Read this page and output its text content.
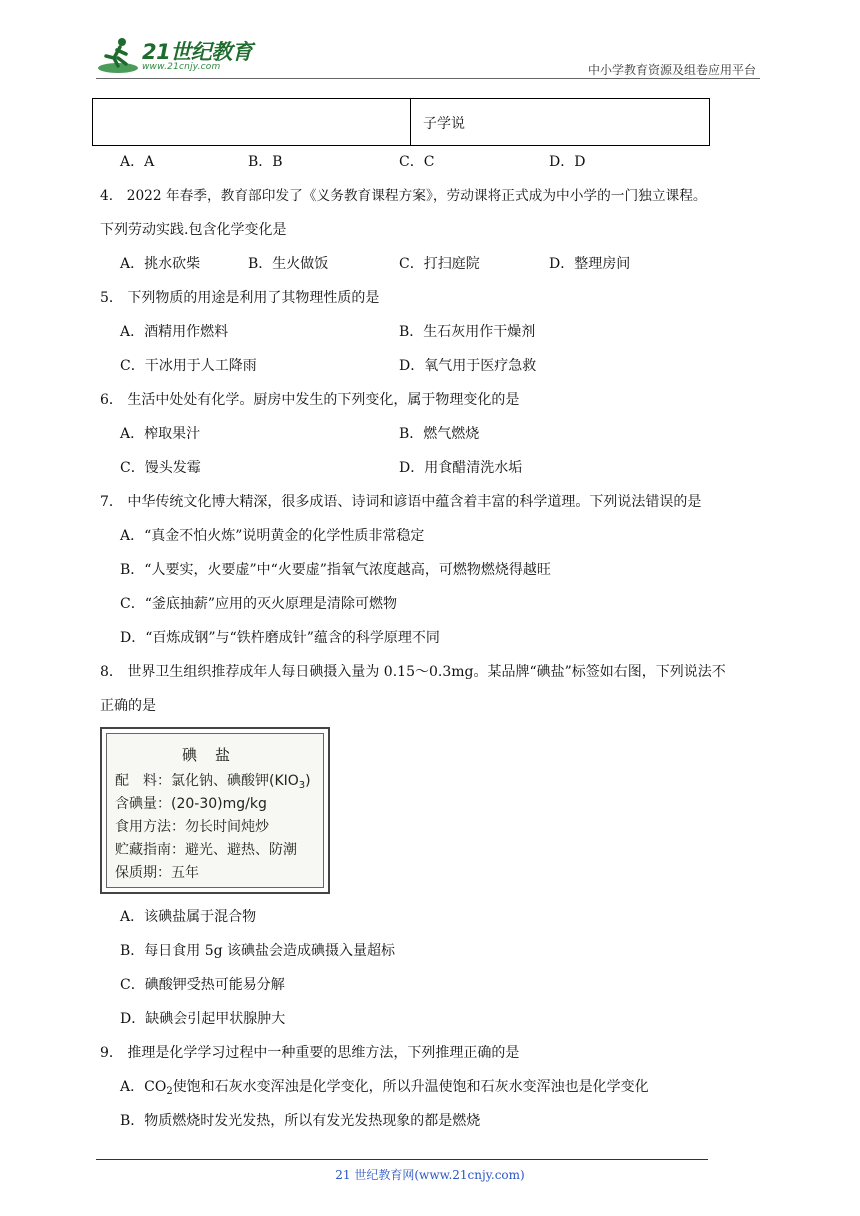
21世纪教育
www.21cnjy.com	中小学教育资源及组卷应用平台
子学说
A．A	B．B	C．C	D．D
4． 2022 年春季，教育部印发了《义务教育课程方案》，劳动课将正式成为中小学的一门独立课程。
下列劳动实践.包含化学变化是
A．挑水砍柴	B．生火做饭	C．打扫庭院	D．整理房间
5． 下列物质的用途是利用了其物理性质的是
A．酒精用作燃料	B．生石灰用作干燥剂
C．干冰用于人工降雨	D．氧气用于医疗急救
6． 生活中处处有化学。厨房中发生的下列变化，属于物理变化的是
A．榨取果汁	B．燃气燃烧
C．馒头发霉	D．用食醋清洗水垢
7． 中华传统文化博大精深，很多成语、诗词和谚语中蕴含着丰富的科学道理。下列说法错误的是
A．“真金不怕火炼”说明黄金的化学性质非常稳定
B．“人要实，火要虚”中“火要虚”指氧气浓度越高，可燃物燃烧得越旺
C．“釜底抽薪”应用的灭火原理是清除可燃物
D．“百炼成钢”与“铁杵磨成针”蕴含的科学原理不同
8． 世界卫生组织推荐成年人每日碘摄入量为 0.15～0.3mg。某品牌“碘盐”标签如右图，下列说法不
正确的是
碘盐
配　料：氯化钠、碘酸钾$(KIO_3)$
含碘量：(20-30)mg/kg
食用方法：勿长时间炖炒
贮藏指南：避光、避热、防潮
保质期：五年
A．该碘盐属于混合物
B．每日食用 5g 该碘盐会造成碘摄入量超标
C．碘酸钾受热可能易分解
D．缺碘会引起甲状腺肿大
9． 推理是化学学习过程中一种重要的思维方法，下列推理正确的是
A．$CO_2$使饱和石灰水变浑浊是化学变化，所以升温使饱和石灰水变浑浊也是化学变化
B．物质燃烧时发光发热，所以有发光发热现象的都是燃烧
21 世纪教育网(www.21cnjy.com)
